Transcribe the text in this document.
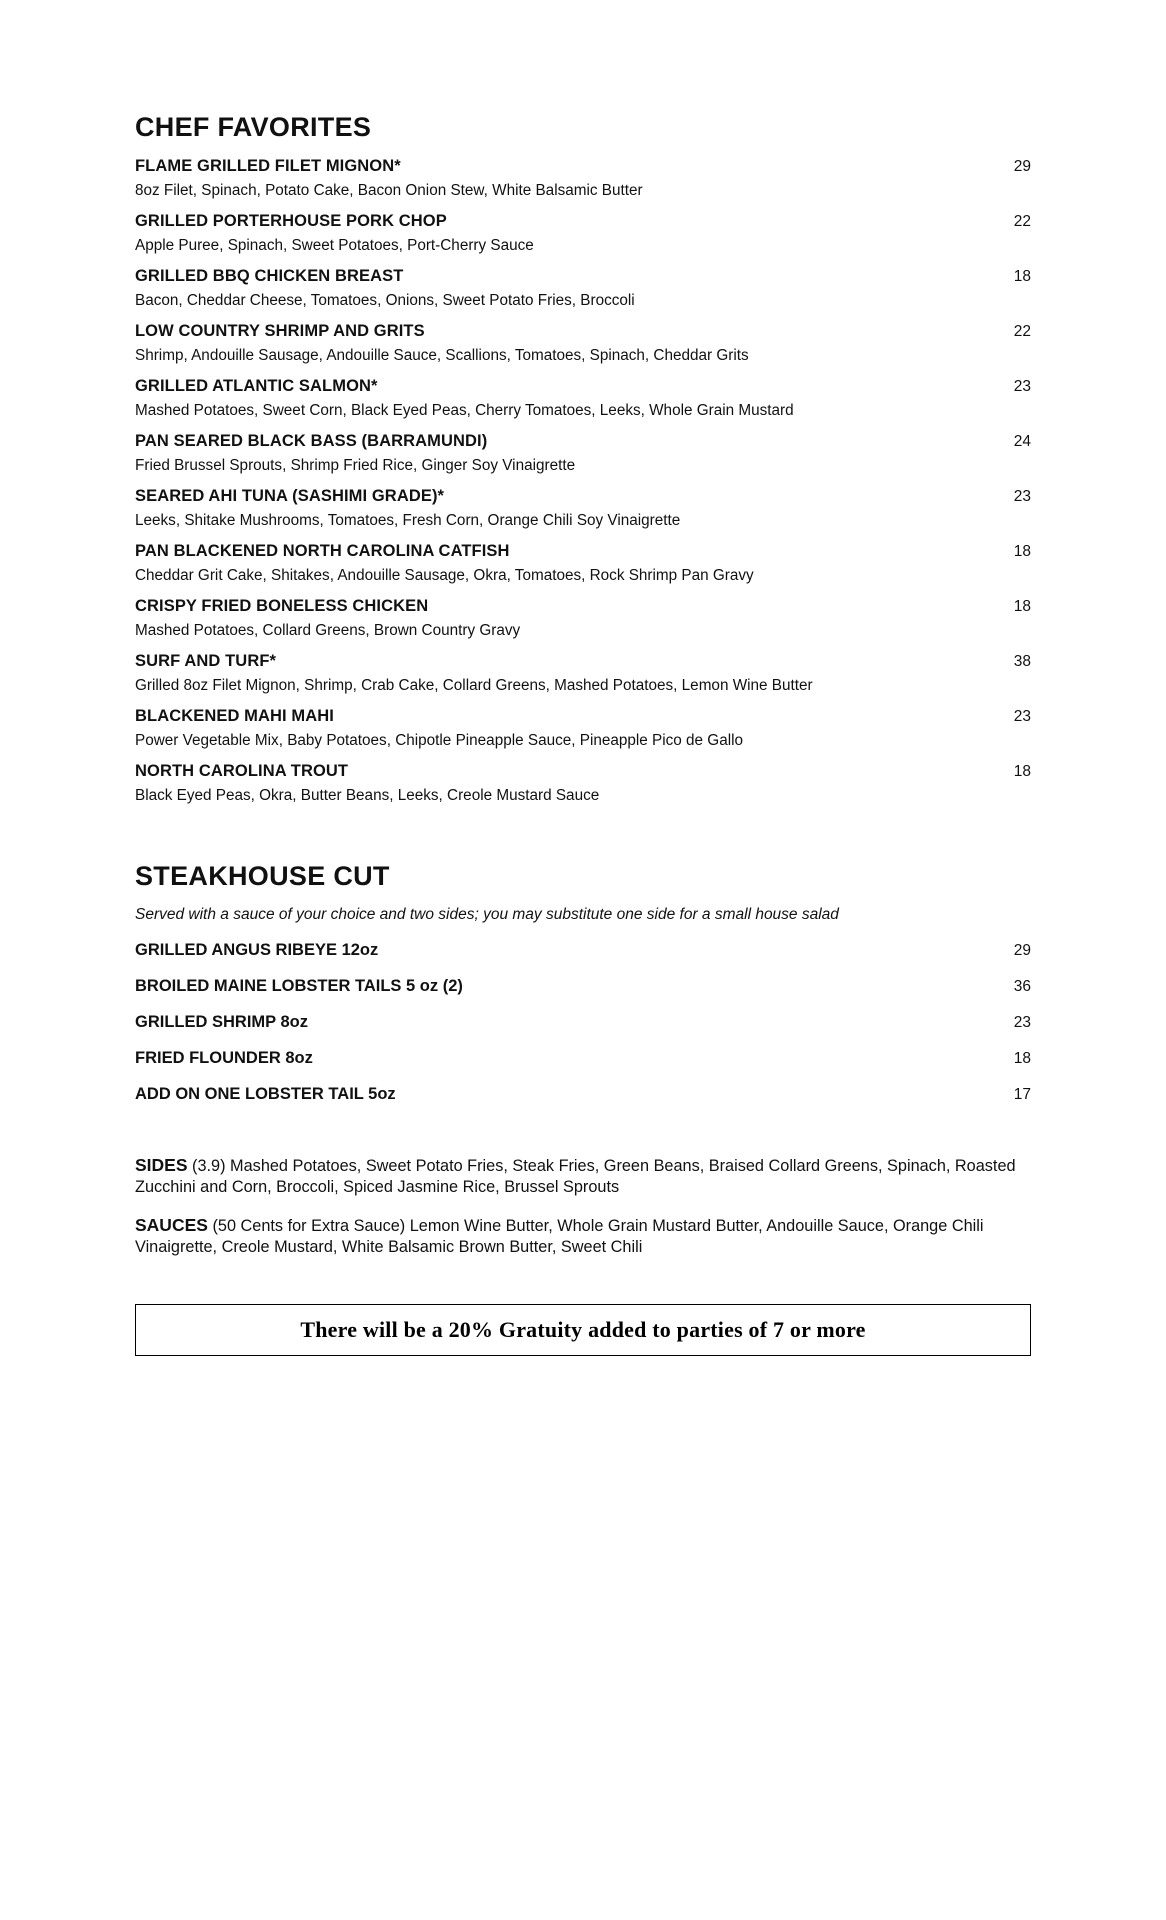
CHEF FAVORITES
FLAME GRILLED FILET MIGNON*	29
8oz Filet, Spinach, Potato Cake, Bacon Onion Stew, White Balsamic Butter
GRILLED PORTERHOUSE PORK CHOP	22
Apple Puree, Spinach, Sweet Potatoes, Port-Cherry Sauce
GRILLED BBQ CHICKEN BREAST	18
Bacon, Cheddar Cheese, Tomatoes, Onions, Sweet Potato Fries, Broccoli
LOW COUNTRY SHRIMP AND GRITS	22
Shrimp, Andouille Sausage, Andouille Sauce, Scallions, Tomatoes, Spinach, Cheddar Grits
GRILLED ATLANTIC SALMON*	23
Mashed Potatoes, Sweet Corn, Black Eyed Peas, Cherry Tomatoes, Leeks, Whole Grain Mustard
PAN SEARED BLACK BASS (BARRAMUNDI)	24
Fried Brussel Sprouts, Shrimp Fried Rice, Ginger Soy Vinaigrette
SEARED AHI TUNA (SASHIMI GRADE)*	23
Leeks, Shitake Mushrooms, Tomatoes, Fresh Corn, Orange Chili Soy Vinaigrette
PAN BLACKENED NORTH CAROLINA CATFISH	18
Cheddar Grit Cake, Shitakes, Andouille Sausage, Okra, Tomatoes, Rock Shrimp Pan Gravy
CRISPY FRIED BONELESS CHICKEN	18
Mashed Potatoes, Collard Greens, Brown Country Gravy
SURF AND TURF*	38
Grilled 8oz Filet Mignon, Shrimp, Crab Cake, Collard Greens, Mashed Potatoes, Lemon Wine Butter
BLACKENED MAHI MAHI	23
Power Vegetable Mix, Baby Potatoes, Chipotle Pineapple Sauce, Pineapple Pico de Gallo
NORTH CAROLINA TROUT	18
Black Eyed Peas, Okra, Butter Beans, Leeks, Creole Mustard Sauce
STEAKHOUSE CUT

Served with a sauce of your choice and two sides; you may substitute one side for a small house salad

GRILLED ANGUS RIBEYE 12oz	29
BROILED MAINE LOBSTER TAILS 5 oz (2)	36
GRILLED SHRIMP 8oz	23
FRIED FLOUNDER 8oz	18
ADD ON ONE LOBSTER TAIL 5oz	17

SIDES (3.9) Mashed Potatoes, Sweet Potato Fries, Steak Fries, Green Beans, Braised Collard Greens, Spinach, Roasted Zucchini and Corn, Broccoli, Spiced Jasmine Rice, Brussel Sprouts

SAUCES (50 Cents for Extra Sauce) Lemon Wine Butter, Whole Grain Mustard Butter, Andouille Sauce, Orange Chili Vinaigrette, Creole Mustard, White Balsamic Brown Butter, Sweet Chili

There will be a 20% Gratuity added to parties of 7 or more
